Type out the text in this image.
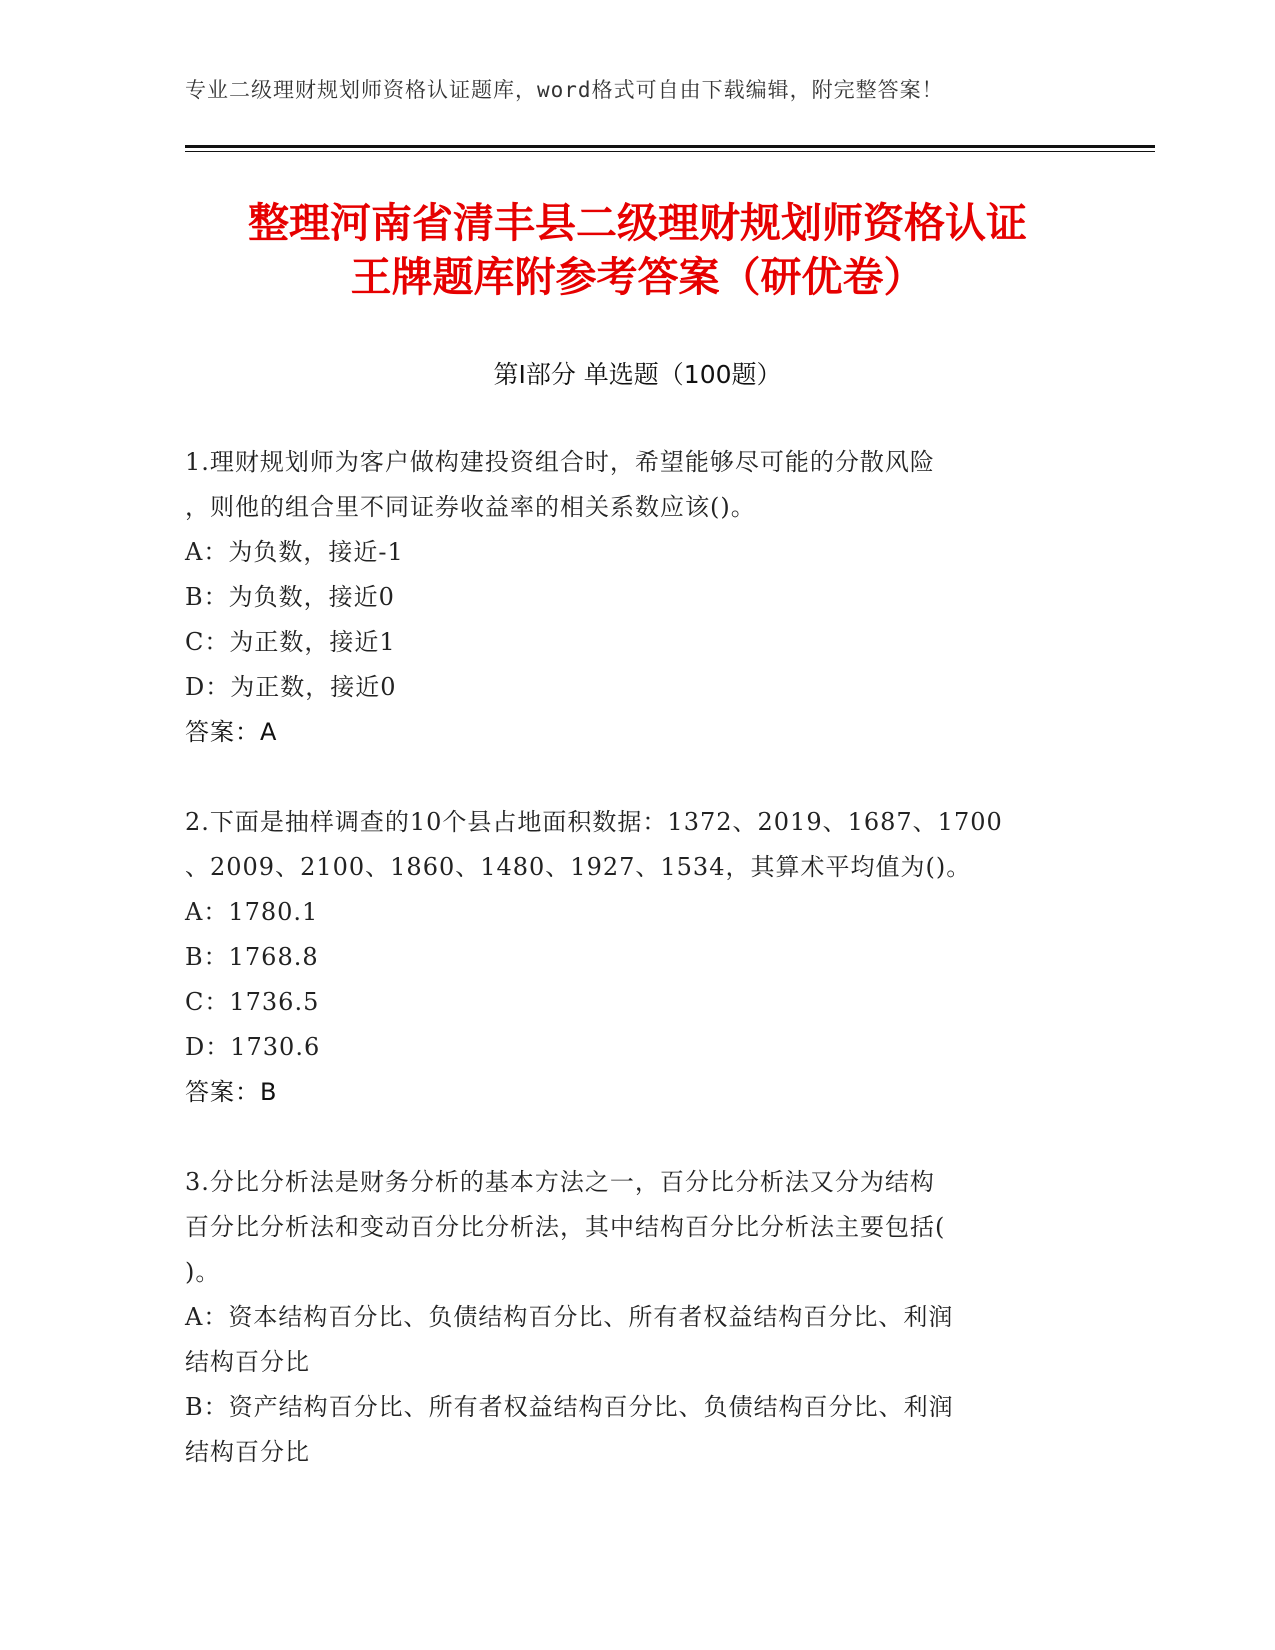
专业二级理财规划师资格认证题库，word格式可自由下载编辑，附完整答案！
整理河南省清丰县二级理财规划师资格认证
王牌题库附参考答案（研优卷）
第Ⅰ部分 单选题（100题）
1.理财规划师为客户做构建投资组合时，希望能够尽可能的分散风险
，则他的组合里不同证券收益率的相关系数应该()。
A：为负数，接近-1
B：为负数，接近0
C：为正数，接近1
D：为正数，接近0
答案：A
2.下面是抽样调查的10个县占地面积数据：1372、2019、1687、1700
、2009、2100、1860、1480、1927、1534，其算术平均值为()。
A：1780.1
B：1768.8
C：1736.5
D：1730.6
答案：B
3.分比分析法是财务分析的基本方法之一，百分比分析法又分为结构
百分比分析法和变动百分比分析法，其中结构百分比分析法主要包括(
)。
A：资本结构百分比、负债结构百分比、所有者权益结构百分比、利润
结构百分比
B：资产结构百分比、所有者权益结构百分比、负债结构百分比、利润
结构百分比
